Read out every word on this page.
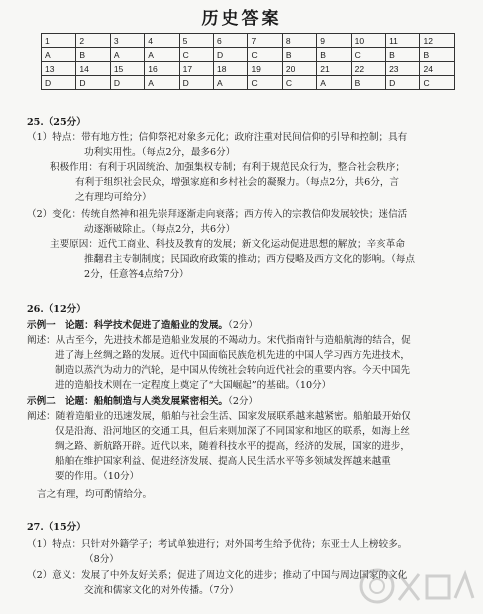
历史答案
1	2	3	4	5	6	7	8	9	10	11	12
A	B	A	A	C	D	C	B	B	C	B	B
13	14	15	16	17	18	19	20	21	22	23	24
D	D	D	A	D	A	C	C	A	B	D	C
25.（25分）
（1）特点：带有地方性；信仰祭祀对象多元化；政府注重对民间信仰的引导和控制；具有
功利实用性。（每点2分，最多6分）
积极作用：有利于巩固统治、加强集权专制；有利于规范民众行为，整合社会秩序；
有利于组织社会民众，增强家庭和乡村社会的凝聚力。（每点2分，共6分，言
之有理均可给分）
（2）变化：传统自然神和祖先崇拜逐渐走向衰落；西方传入的宗教信仰发展较快；迷信活
动逐渐破除止。（每点2分，共6分）
主要原因：近代工商业、科技及教育的发展；新文化运动促进思想的解放；辛亥革命
推翻君主专制制度；民国政府政策的推动；西方侵略及西方文化的影响。（每点
2分，任意答4点给7分）
26.（12分）
示例一 论题：科学技术促进了造船业的发展。（2分）
阐述：从古至今，先进技术都是造船业发展的不竭动力。宋代指南针与造船航海的结合，促
进了海上丝绸之路的发展。近代中国面临民族危机先进的中国人学习西方先进技术，
制造以蒸汽为动力的汽轮，是中国从传统社会转向近代社会的重要内容。今天中国先
进的造船技术则在一定程度上奠定了“大国崛起”的基础。（10分）
示例二 论题：船舶制造与人类发展紧密相关。（2分）
阐述：随着造船业的迅速发展，船舶与社会生活、国家发展联系越来越紧密。船舶最开始仅
仅是沿海、沿河地区的交通工具，但后来则加深了不同国家和地区的联系，如海上丝
绸之路、新航路开辟。近代以来，随着科技水平的提高，经济的发展，国家的进步，
船舶在维护国家利益、促进经济发展、提高人民生活水平等多领域发挥越来越重
要的作用。（10分）
言之有理，均可酌情给分。
27.（15分）
（1）特点：只针对外籍学子；考试单独进行；对外国考生给予优待；东亚士人上榜较多。
（8分）
（2）意义：发展了中外友好关系；促进了周边文化的进步；推动了中国与周边国家的文化
交流和儒家文化的对外传播。（7分）
